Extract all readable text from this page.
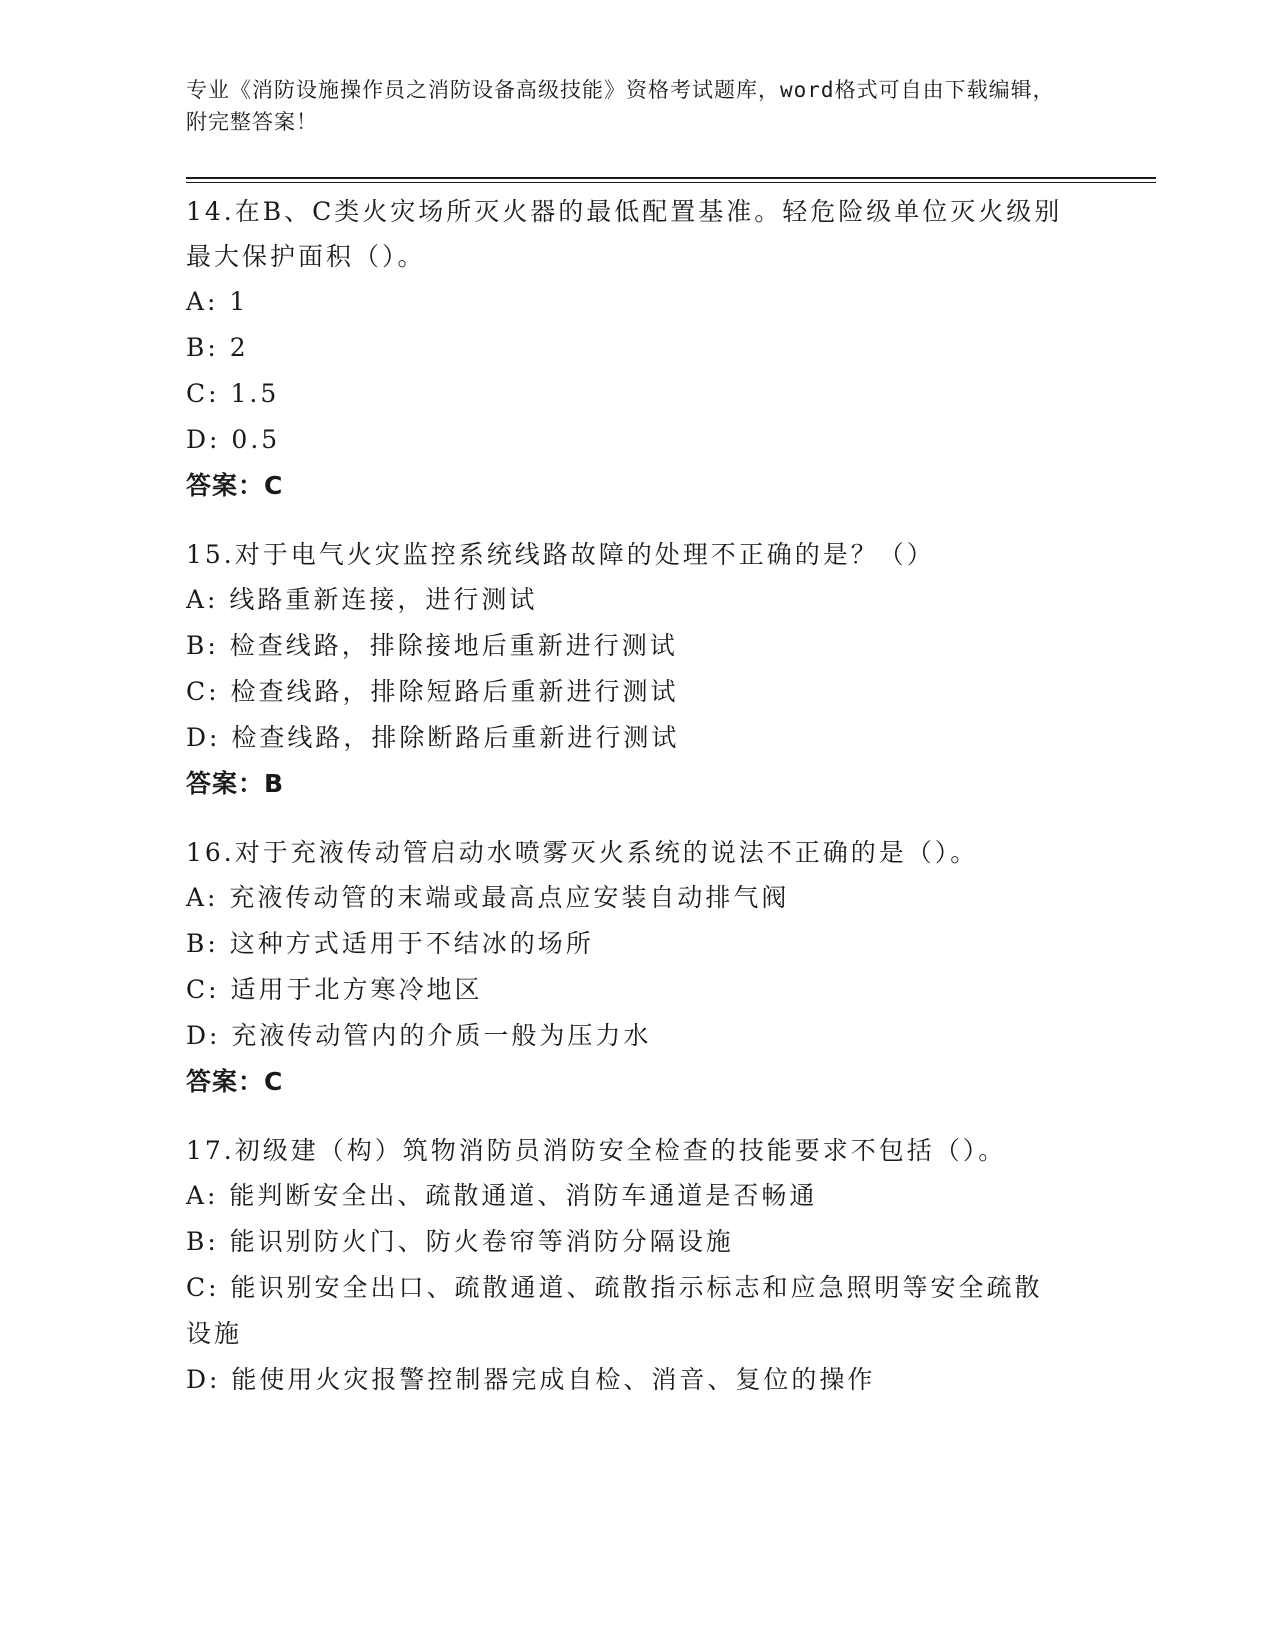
专业《消防设施操作员之消防设备高级技能》资格考试题库，word格式可自由下载编辑，附完整答案！
14.在B、C类火灾场所灭火器的最低配置基准。轻危险级单位灭火级别最大保护面积（）。
A: 1
B: 2
C: 1.5
D: 0.5
答案：C
15.对于电气火灾监控系统线路故障的处理不正确的是？（）
A: 线路重新连接，进行测试
B: 检查线路，排除接地后重新进行测试
C: 检查线路，排除短路后重新进行测试
D: 检查线路，排除断路后重新进行测试
答案：B
16.对于充液传动管启动水喷雾灭火系统的说法不正确的是（）。
A: 充液传动管的末端或最高点应安装自动排气阀
B: 这种方式适用于不结冰的场所
C: 适用于北方寒冷地区
D: 充液传动管内的介质一般为压力水
答案：C
17.初级建（构）筑物消防员消防安全检查的技能要求不包括（）。
A: 能判断安全出、疏散通道、消防车通道是否畅通
B: 能识别防火门、防火卷帘等消防分隔设施
C: 能识别安全出口、疏散通道、疏散指示标志和应急照明等安全疏散设施
D: 能使用火灾报警控制器完成自检、消音、复位的操作
